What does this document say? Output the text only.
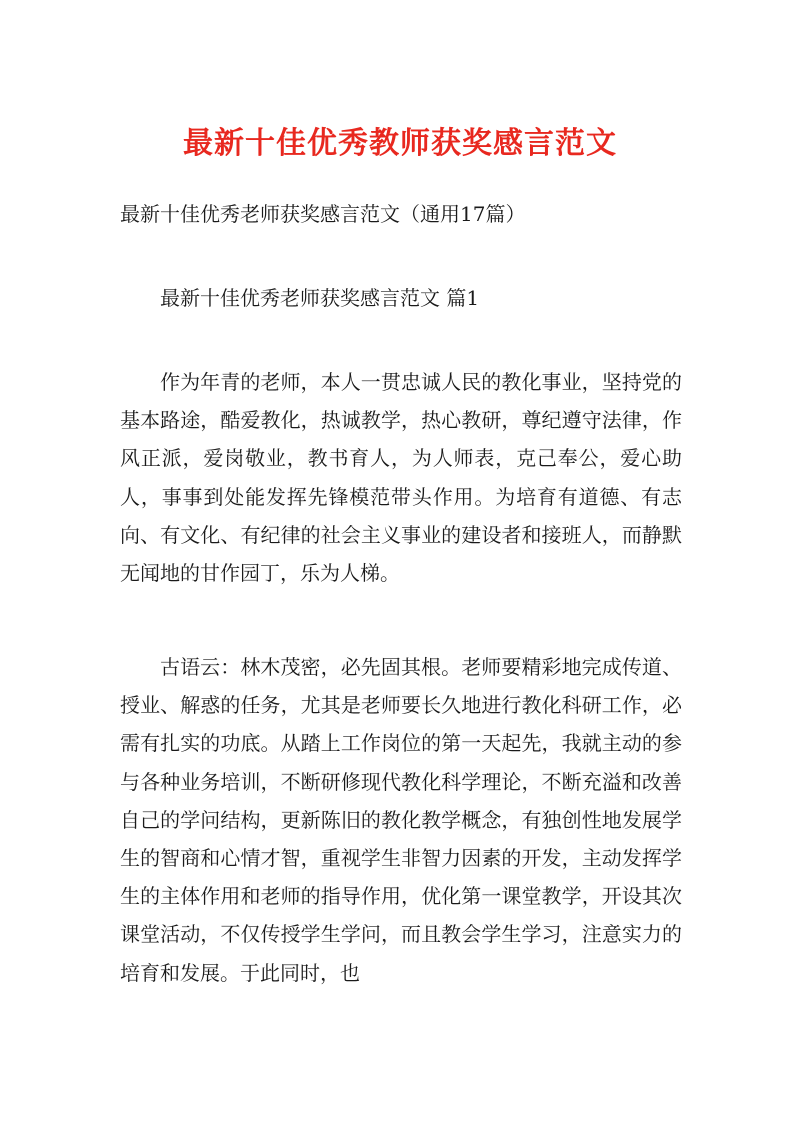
最新十佳优秀教师获奖感言范文
最新十佳优秀老师获奖感言范文（通用17篇）
最新十佳优秀老师获奖感言范文 篇1

作为年青的老师，本人一贯忠诚人民的教化事业，坚持党的基本路途，酷爱教化，热诚教学，热心教研，尊纪遵守法律，作风正派，爱岗敬业，教书育人，为人师表，克己奉公，爱心助人，事事到处能发挥先锋模范带头作用。为培育有道德、有志向、有文化、有纪律的社会主义事业的建设者和接班人，而静默无闻地的甘作园丁，乐为人梯。

古语云：林木茂密，必先固其根。老师要精彩地完成传道、授业、解惑的任务，尤其是老师要长久地进行教化科研工作，必需有扎实的功底。从踏上工作岗位的第一天起先，我就主动的参与各种业务培训，不断研修现代教化科学理论，不断充溢和改善自己的学问结构，更新陈旧的教化教学概念，有独创性地发展学生的智商和心情才智，重视学生非智力因素的开发，主动发挥学生的主体作用和老师的指导作用，优化第一课堂教学，开设其次课堂活动，不仅传授学生学问，而且教会学生学习，注意实力的培育和发展。于此同时，也
